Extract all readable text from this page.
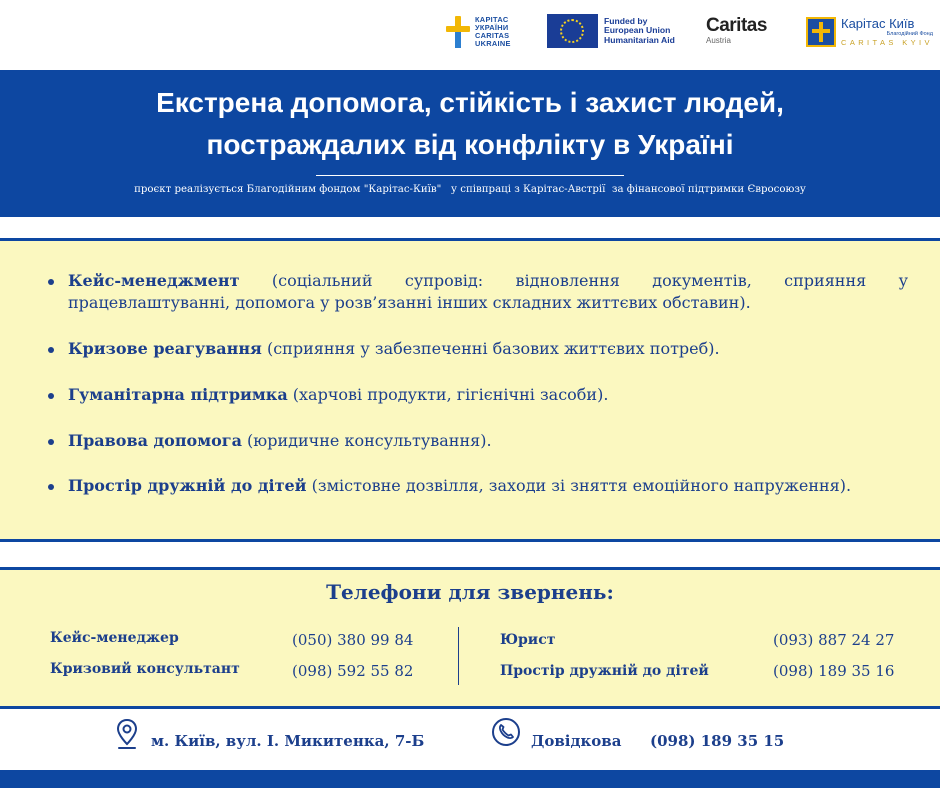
КАРІТАС
УКРАЇНИ
CARITAS
UKRAINE
Funded by
European Union
Humanitarian Aid
Caritas
Austria
Карітас Київ
Благодійний Фонд
CARITAS KYIV
Екстрена допомога, стійкість і захист людей,
постраждалих від конфлікту в Україні
проєкт реалізується Благодійним фондом "Карітас-Київ"   у співпраці з Карітас-Австрії  за фінансової підтримки Євросоюзу
Кейс-менеджмент (соціальний супровід: відновлення документів, сприяння у працевлаштуванні, допомога у розв’язанні інших складних життєвих обставин).
Кризове реагування (сприяння у забезпеченні базових життєвих потреб).
Гуманітарна підтримка (харчові продукти, гігієнічні засоби).
Правова допомога (юридичне консультування).
Простір дружній до дітей (змістовне дозвілля, заходи зі зняття емоційного напруження).
Телефони для звернень:
Кейс-менеджер	(050) 380 99 84
Кризовий консультант	(098) 592 55 82
Юрист	(093) 887 24 27
Простір дружній до дітей	(098) 189 35 16
м. Київ, вул. І. Микитенка, 7-Б	Довідкова (098) 189 35 15
